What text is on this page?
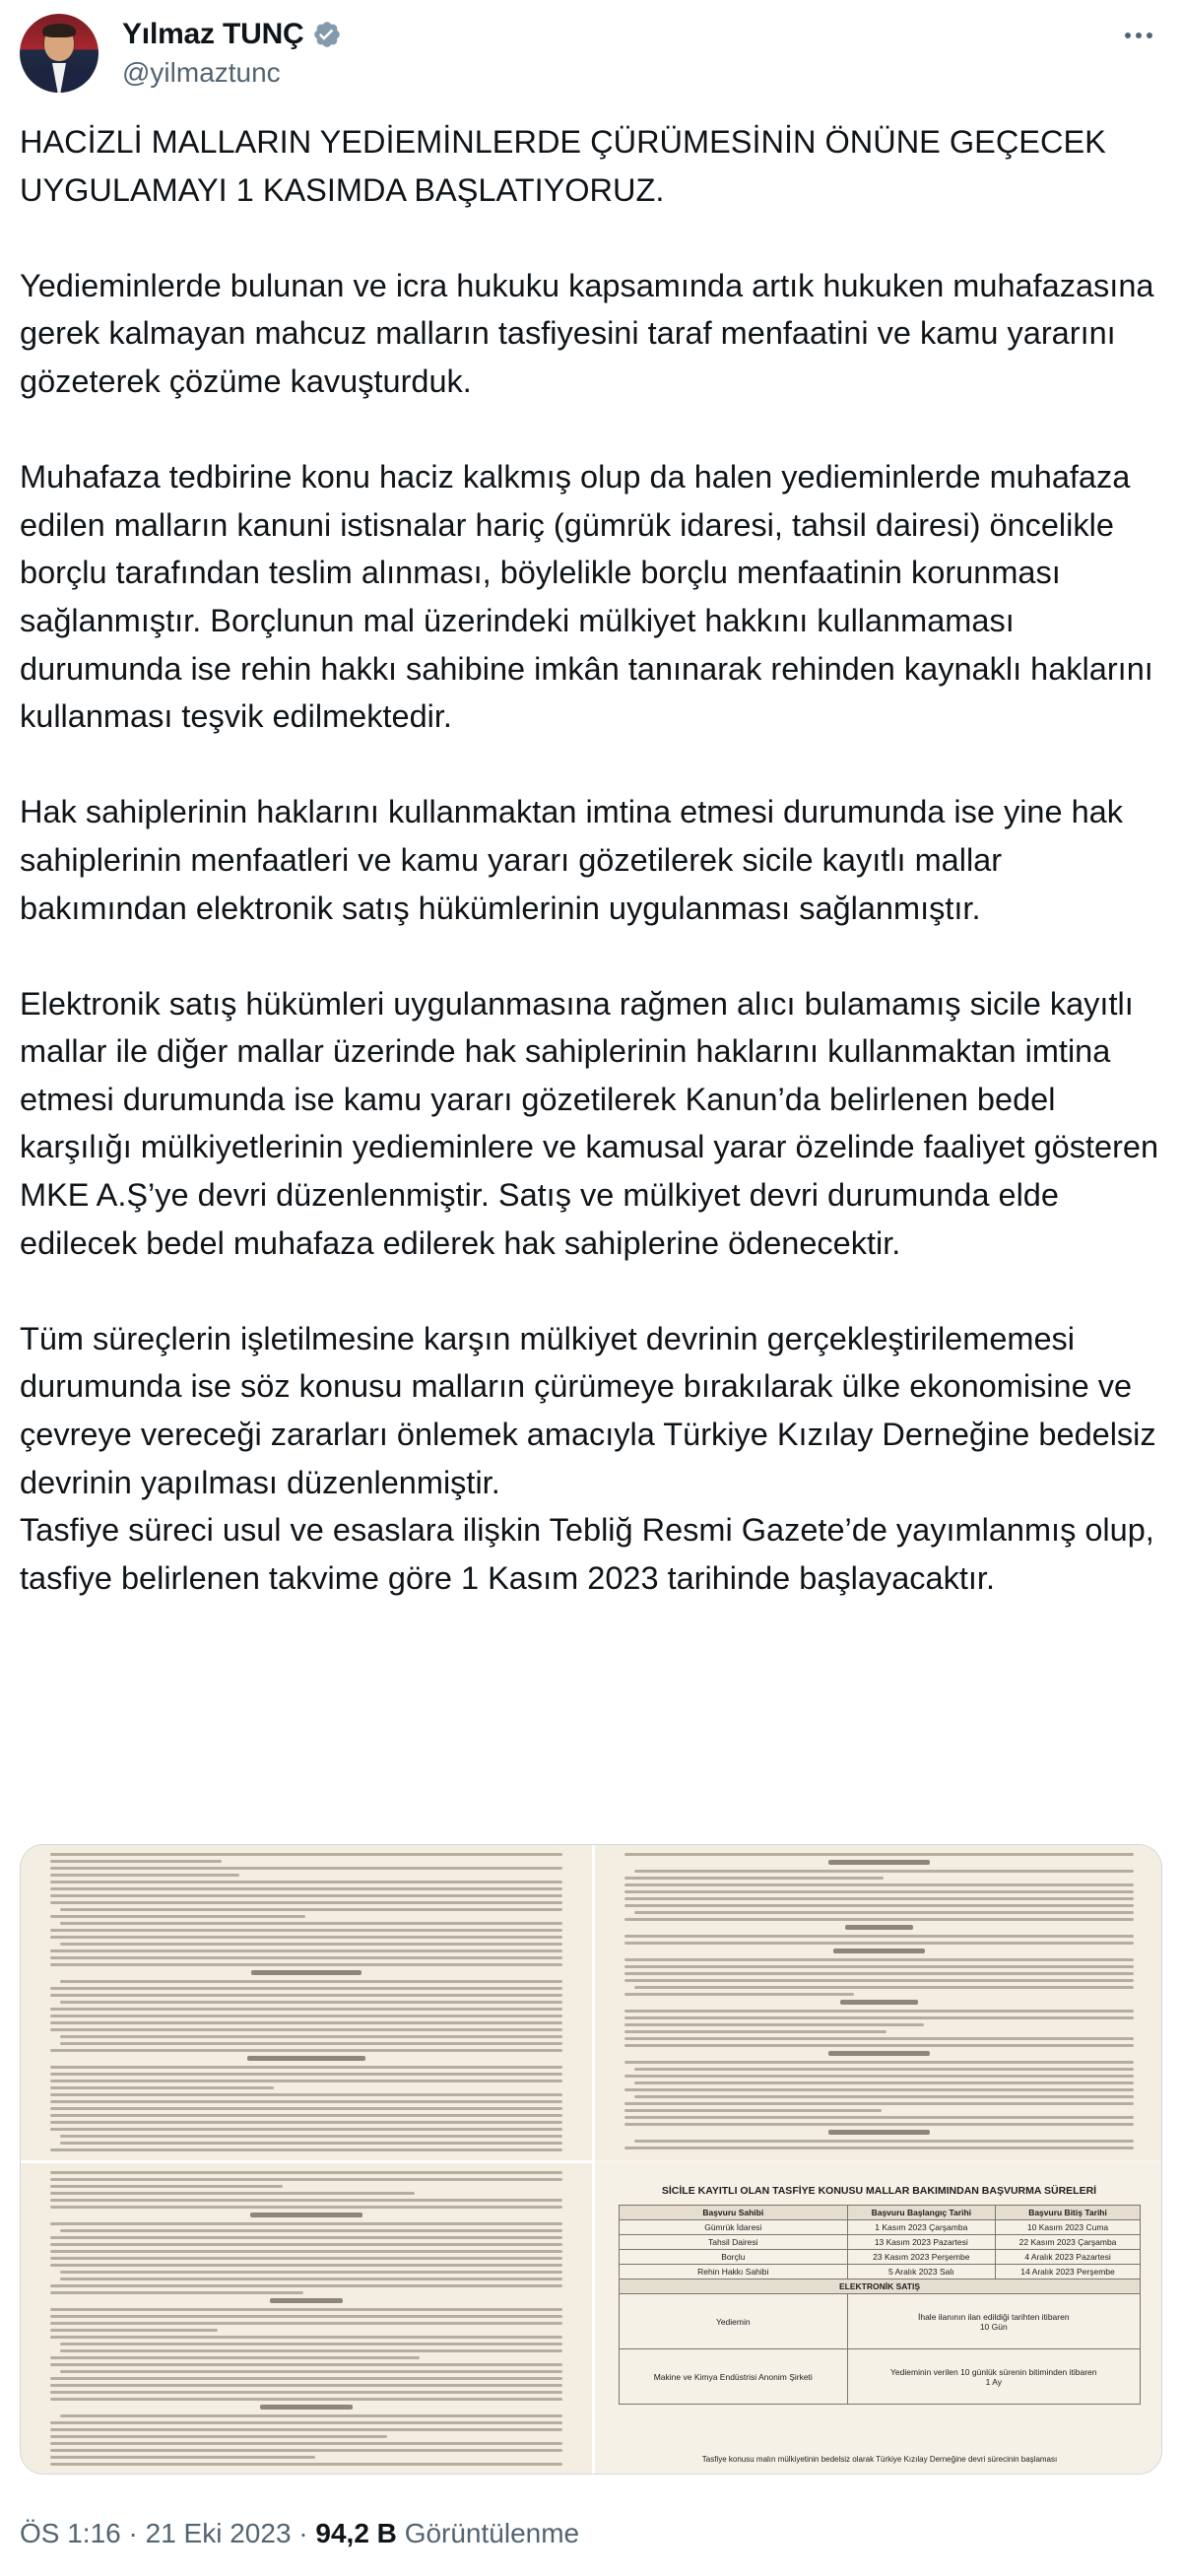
Yılmaz TUNÇ
@yilmaztunc
HACİZLİ MALLARIN YEDİEMİNLERDE ÇÜRÜMESİNİN ÖNÜNE GEÇECEK UYGULAMAYI 1 KASIMDA BAŞLATIYORUZ.

Yedieminlerde bulunan ve icra hukuku kapsamında artık hukuken muhafazasına gerek kalmayan mahcuz malların tasfiyesini taraf menfaatini ve kamu yararını gözeterek çözüme kavuşturduk.

Muhafaza tedbirine konu haciz kalkmış olup da halen yedieminlerde muhafaza edilen malların kanuni istisnalar hariç (gümrük idaresi, tahsil dairesi) öncelikle borçlu tarafından teslim alınması, böylelikle borçlu menfaatinin korunması sağlanmıştır. Borçlunun mal üzerindeki mülkiyet hakkını kullanmaması durumunda ise rehin hakkı sahibine imkân tanınarak rehinden kaynaklı haklarını kullanması teşvik edilmektedir.

Hak sahiplerinin haklarını kullanmaktan imtina etmesi durumunda ise yine hak sahiplerinin menfaatleri ve kamu yararı gözetilerek sicile kayıtlı mallar bakımından elektronik satış hükümlerinin uygulanması sağlanmıştır.

Elektronik satış hükümleri uygulanmasına rağmen alıcı bulamamış sicile kayıtlı mallar ile diğer mallar üzerinde hak sahiplerinin haklarını kullanmaktan imtina etmesi durumunda ise kamu yararı gözetilerek Kanun’da belirlenen bedel karşılığı mülkiyetlerinin yedieminlere ve kamusal yarar özelinde faaliyet gösteren MKE A.Ş’ye devri düzenlenmiştir. Satış ve mülkiyet devri durumunda elde edilecek bedel muhafaza edilerek hak sahiplerine ödenecektir.

Tüm süreçlerin işletilmesine karşın mülkiyet devrinin gerçekleştirilememesi durumunda ise söz konusu malların çürümeye bırakılarak ülke ekonomisine ve çevreye vereceği zararları önlemek amacıyla Türkiye Kızılay Derneğine bedelsiz devrinin yapılması düzenlenmiştir.
Tasfiye süreci usul ve esaslara ilişkin Tebliğ Resmi Gazete’de yayımlanmış olup, tasfiye belirlenen takvime göre 1 Kasım 2023 tarihinde başlayacaktır.
SİCİLE KAYITLI OLAN TASFİYE KONUSU MALLAR BAKIMINDAN BAŞVURMA SÜRELERİ
Başvuru Sahibi	Başvuru Başlangıç Tarihi	Başvuru Bitiş Tarihi
Gümrük İdaresi	1 Kasım 2023 Çarşamba	10 Kasım 2023 Cuma
Tahsil Dairesi	13 Kasım 2023 Pazartesi	22 Kasım 2023 Çarşamba
Borçlu	23 Kasım 2023 Perşembe	4 Aralık 2023 Pazartesi
Rehin Hakkı Sahibi	5 Aralık 2023 Salı	14 Aralık 2023 Perşembe
ELEKTRONİK SATIŞ		
Yediemin	İhale ilanının ilan edildiği tarihten itibaren
10 Gün	
Makine ve Kimya Endüstrisi Anonim Şirketi	Yedieminin verilen 10 günlük sürenin bitiminden itibaren
1 Ay	
Tasfiye konusu malın mülkiyetinin bedelsiz olarak Türkiye Kızılay Derneğine devri sürecinin başlaması
ÖS 1:16 · 21 Eki 2023 · 94,2 B Görüntülenme
